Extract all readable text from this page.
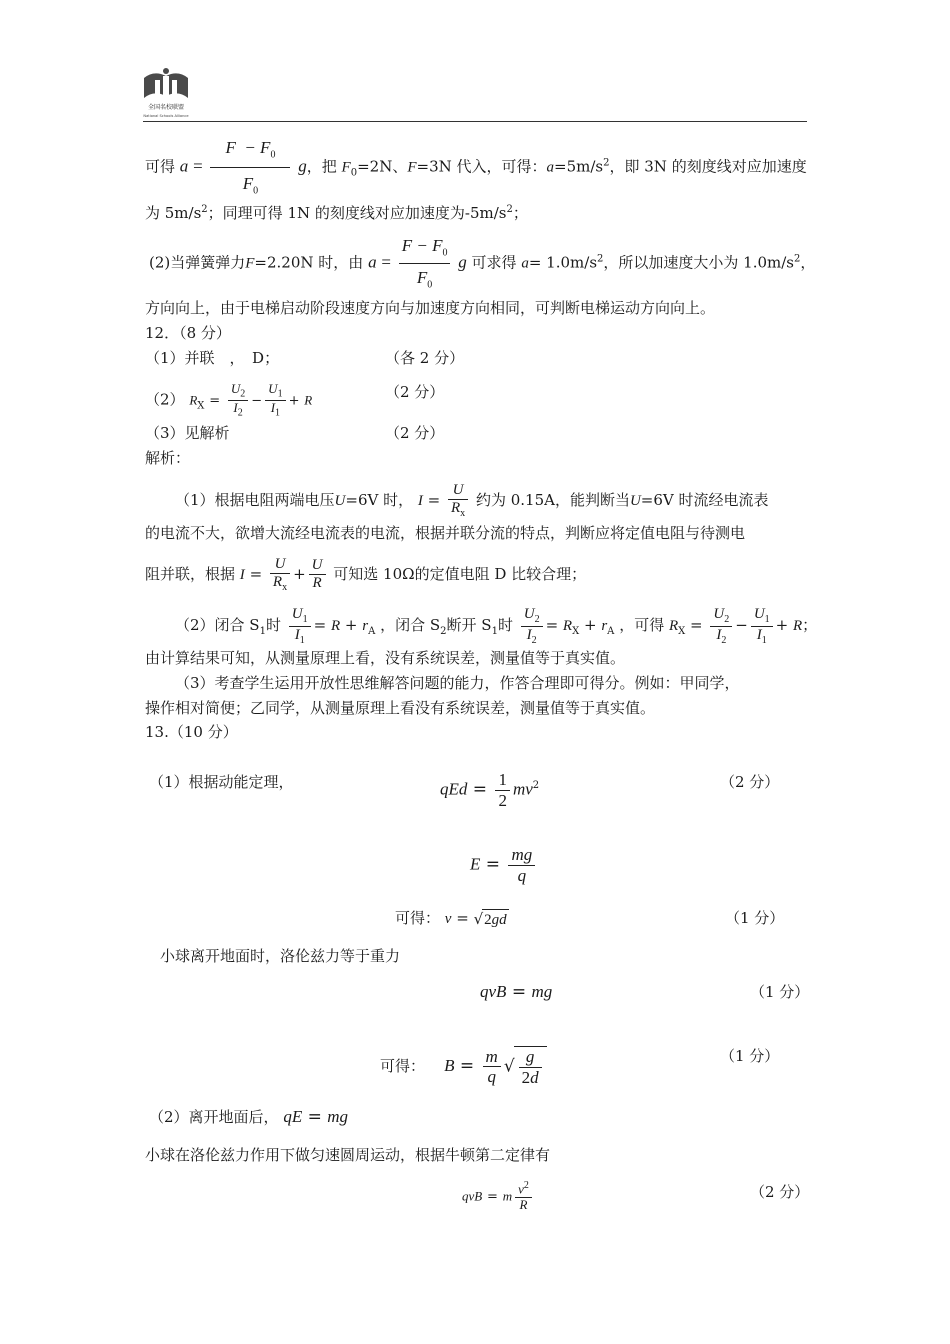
全国名校联盟
National Schools Alliance
可得 $a = \frac{F - F_0}{F_0}$ g，把 $F_0=2N$、F=3N 代入，可得：$a=5m/s^2$，即 3N 的刻度线对应加速度
为 $5m/s^2$；同理可得 1N 的刻度线对应加速度为$-5m/s^2$；
(2)当弹簧弹力F=2.20N 时，由 $a = \frac{F - F_0}{F_0}$ g 可求得 $a= 1.0m/s^2$，所以加速度大小为 $1.0m/s^2$，
方向向上，由于电梯启动阶段速度方向与加速度方向相同，可判断电梯运动方向向上。
12．（8 分）
（1）并联　，　D；	（各 2 分）
（2） $R_X = \frac{U_2}{I_2} - \frac{U_1}{I_1} + R$	（2 分）
（3）见解析	（2 分）
解析：
（1）根据电阻两端电压U=6V 时， $I = \frac{U}{R_x}$ 约为 0.15A，能判断当U=6V 时流经电流表
的电流不大，欲增大流经电流表的电流，根据并联分流的特点，判断应将定值电阻与待测电
阻并联，根据 $I = \frac{U}{R_x} + \frac{U}{R}$ 可知选 10Ω的定值电阻 D 比较合理；
（2）闭合 $S_1$时 $\frac{U_1}{I_1} = R + r_A$ ，闭合 $S_2$断开 $S_1$时 $\frac{U_2}{I_2} = R_X + r_A$ ，可得 $R_X = \frac{U_2}{I_2} - \frac{U_1}{I_1} + R$；
由计算结果可知，从测量原理上看，没有系统误差，测量值等于真实值。
（3）考查学生运用开放性思维解答问题的能力，作答合理即可得分。例如：甲同学，
操作相对简便；乙同学，从测量原理上看没有系统误差，测量值等于真实值。
13.（10 分）
（1）根据动能定理，	qEd = $\frac{1}{2} mv^2$	（2 分）
$E = \frac{mg}{q}$
可得： v = √2gd	（1 分）
小球离开地面时，洛伦兹力等于重力
qvB = mg	（1 分）
可得： $B = \frac{m}{q}$ √ $\frac{g}{2d}$	（1 分）
（2）离开地面后， qE = mg
小球在洛伦兹力作用下做匀速圆周运动，根据牛顿第二定律有
qvB = m $\frac{v^2}{R}$	（2 分）
